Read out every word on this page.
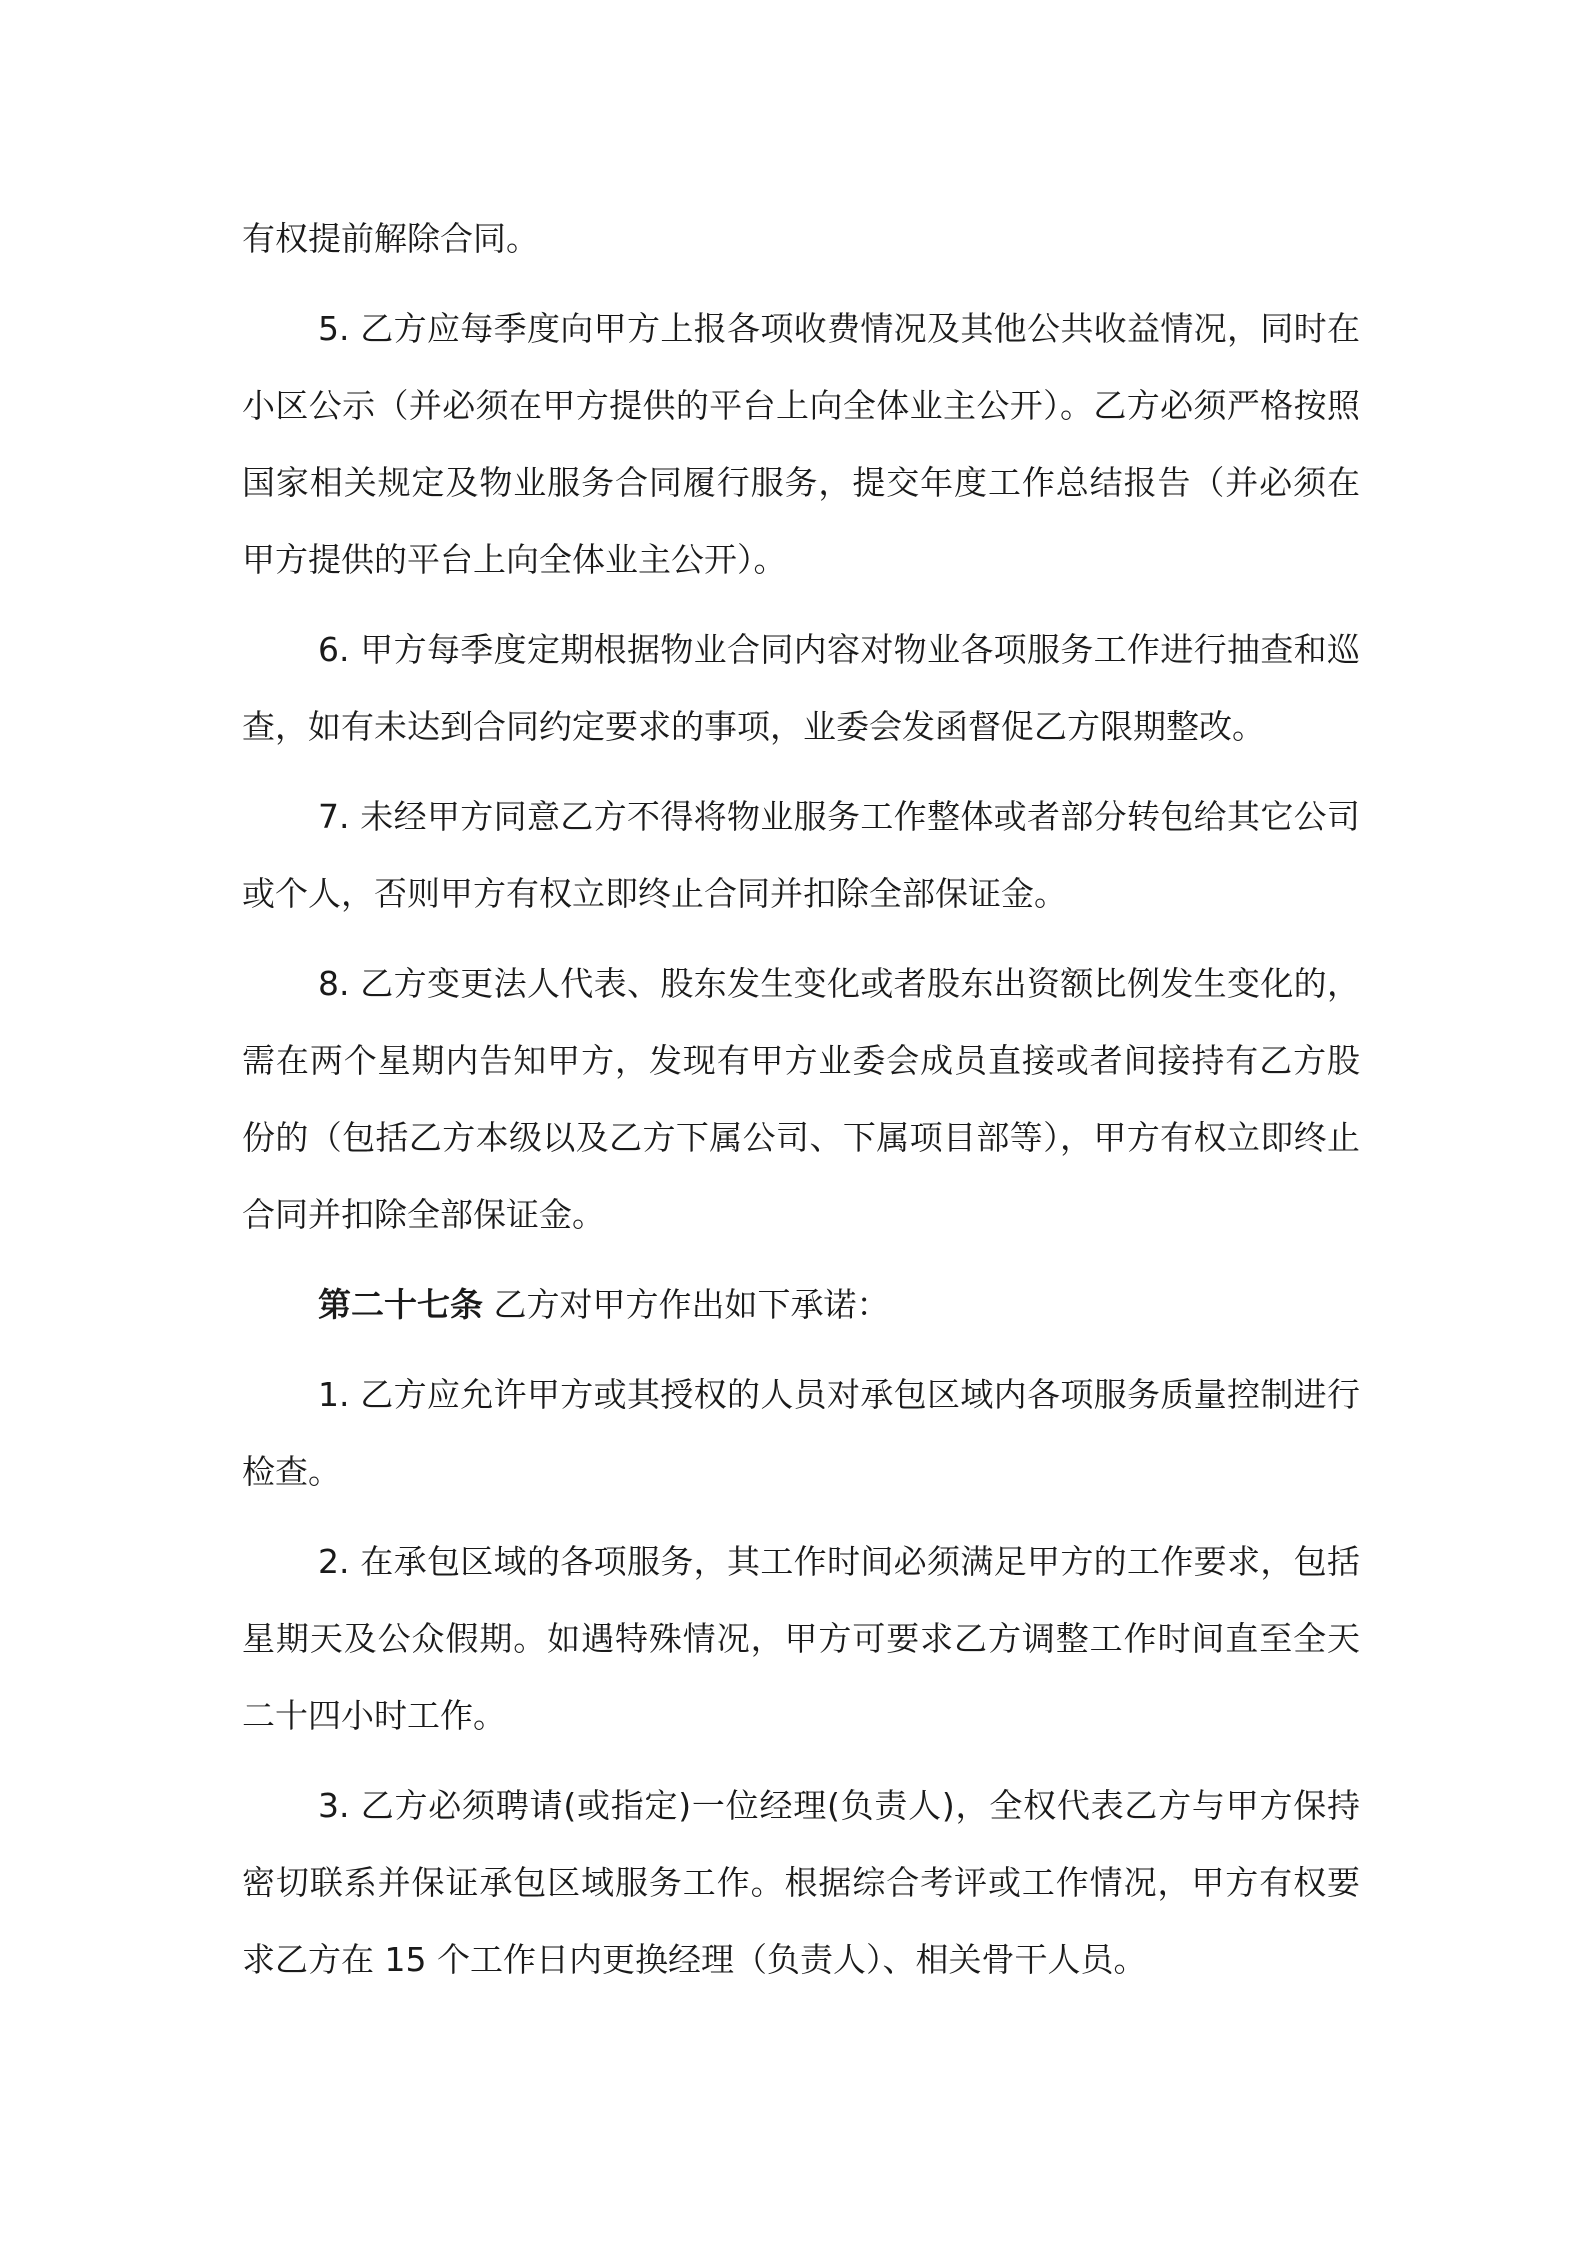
有权提前解除合同。

5. 乙方应每季度向甲方上报各项收费情况及其他公共收益情况，同时在小区公示（并必须在甲方提供的平台上向全体业主公开）。乙方必须严格按照国家相关规定及物业服务合同履行服务，提交年度工作总结报告（并必须在甲方提供的平台上向全体业主公开）。

6. 甲方每季度定期根据物业合同内容对物业各项服务工作进行抽查和巡查，如有未达到合同约定要求的事项，业委会发函督促乙方限期整改。

7. 未经甲方同意乙方不得将物业服务工作整体或者部分转包给其它公司或个人，否则甲方有权立即终止合同并扣除全部保证金。

8. 乙方变更法人代表、股东发生变化或者股东出资额比例发生变化的，需在两个星期内告知甲方，发现有甲方业委会成员直接或者间接持有乙方股份的（包括乙方本级以及乙方下属公司、下属项目部等），甲方有权立即终止合同并扣除全部保证金。

第二十七条 乙方对甲方作出如下承诺：

1. 乙方应允许甲方或其授权的人员对承包区域内各项服务质量控制进行检查。

2. 在承包区域的各项服务，其工作时间必须满足甲方的工作要求，包括星期天及公众假期。如遇特殊情况，甲方可要求乙方调整工作时间直至全天二十四小时工作。

3. 乙方必须聘请(或指定)一位经理(负责人)，全权代表乙方与甲方保持密切联系并保证承包区域服务工作。根据综合考评或工作情况，甲方有权要求乙方在 15 个工作日内更换经理（负责人）、相关骨干人员。
